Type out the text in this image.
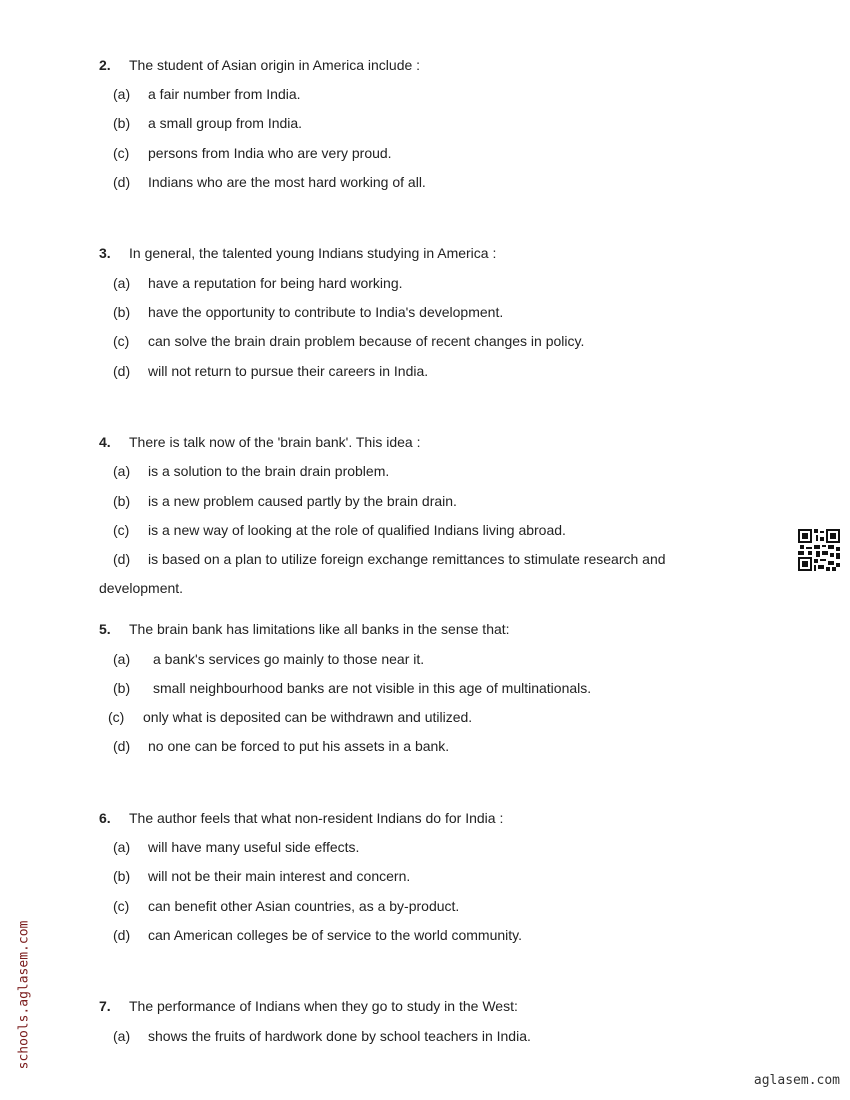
2. The student of Asian origin in America include :
(a) a fair number from India.
(b) a small group from India.
(c) persons from India who are very proud.
(d) Indians who are the most hard working of all.
3. In general, the talented young Indians studying in America :
(a) have a reputation for being hard working.
(b) have the opportunity to contribute to India's development.
(c) can solve the brain drain problem because of recent changes in policy.
(d) will not return to pursue their careers in India.
4. There is talk now of the 'brain bank'. This idea :
(a) is a solution to the brain drain problem.
(b) is a new problem caused partly by the brain drain.
(c) is a new way of looking at the role of qualified Indians living abroad.
(d) is based on a plan to utilize foreign exchange remittances to stimulate research and
development.
5. The brain bank has limitations like all banks in the sense that:
(a) a bank's services go mainly to those near it.
(b) small neighbourhood banks are not visible in this age of multinationals.
(c) only what is deposited can be withdrawn and utilized.
(d) no one can be forced to put his assets in a bank.
6. The author feels that what non-resident Indians do for India :
(a) will have many useful side effects.
(b) will not be their main interest and concern.
(c) can benefit other Asian countries, as a by-product.
(d) can American colleges be of service to the world community.
7. The performance of Indians when they go to study in the West:
(a) shows the fruits of hardwork done by school teachers in India.
schools.aglasem.com
aglasem.com
